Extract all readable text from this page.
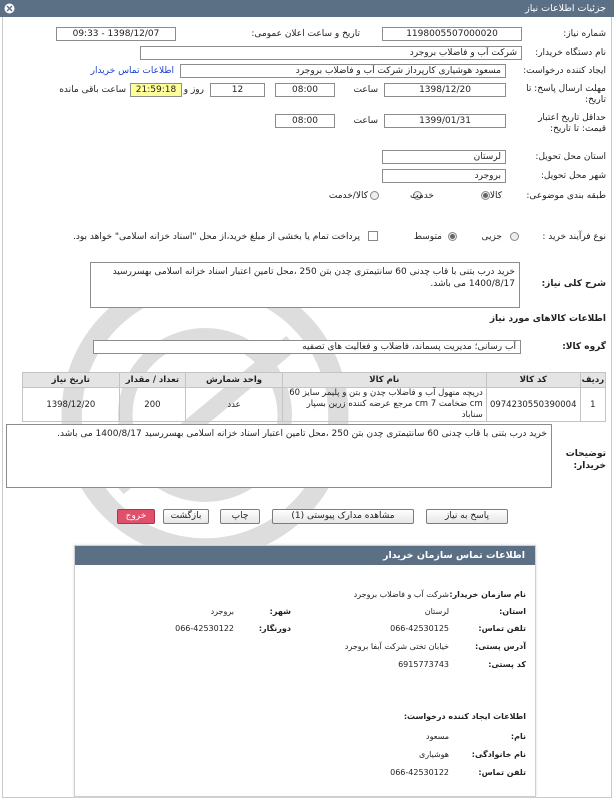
جزئیات اطلاعات نیاز
شماره نیاز:
1198005507000020
تاریخ و ساعت اعلان عمومی:
1398/12/07 - 09:33
نام دستگاه خریدار:
شرکت آب و فاضلاب بروجرد
ایجاد کننده درخواست:
مسعود هوشیاری کارپرداز شرکت آب و فاضلاب بروجرد
اطلاعات تماس خریدار
مهلت ارسال پاسخ: تا تاریخ:
1398/12/20
ساعت
08:00
12
روز و
21:59:18
ساعت باقی مانده
حداقل تاریخ اعتبار قیمت: تا تاریخ:
1399/01/31
ساعت
08:00
استان محل تحویل:
لرستان
شهر محل تحویل:
بروجرد
طبقه بندی موضوعی:
کالا
خدمت
کالا/خدمت
نوع فرآیند خرید :
جزیی
متوسط
پرداخت تمام یا بخشی از مبلغ خرید،از محل "اسناد خزانه اسلامی" خواهد بود.
شرح کلی نیاز:
خرید درب بتنی با قاب چدنی 60 سانتیمتری چدن بتن 250 ،محل تامین اعتبار اسناد خزانه اسلامی بهسررسید 1400/8/17 می باشد.
اطلاعات کالاهای مورد نیاز
گروه کالا:
آب رسانی؛ مدیریت پسماند، فاضلاب و فعالیت های تصفیه
ردیف	کد کالا	نام کالا	واحد شمارش	تعداد / مقدار	تاریخ نیاز
1	0974230550390004	دریچه منهول آب و فاضلاب چدن و بتن و پلیمر سایز 60 cm ضخامت 7 cm مرجع عرضه کننده زرین بسپار سناباد	عدد	200	1398/12/20
توضیحات خریدار:
خرید درب بتنی با قاب چدنی 60 سانتیمتری چدن بتن 250 ،محل تامین اعتبار اسناد خزانه اسلامی بهسررسید 1400/8/17 می باشد.
پاسخ به نیاز
مشاهده مدارک پیوستی (1)
چاپ
بازگشت
خروج
اطلاعات تماس سازمان خریدار
نام سازمان خریدار:
شرکت آب و فاضلاب بروجرد
استان:
لرستان
شهر:
بروجرد
تلفن تماس:
066-42530125
دورنگار:
066-42530122
آدرس پستی:
خیابان تختی شرکت آبفا بروجرد
کد پستی:
6915773743
اطلاعات ایجاد کننده درخواست:
نام:
مسعود
نام خانوادگی:
هوشیاری
تلفن تماس:
066-42530122
